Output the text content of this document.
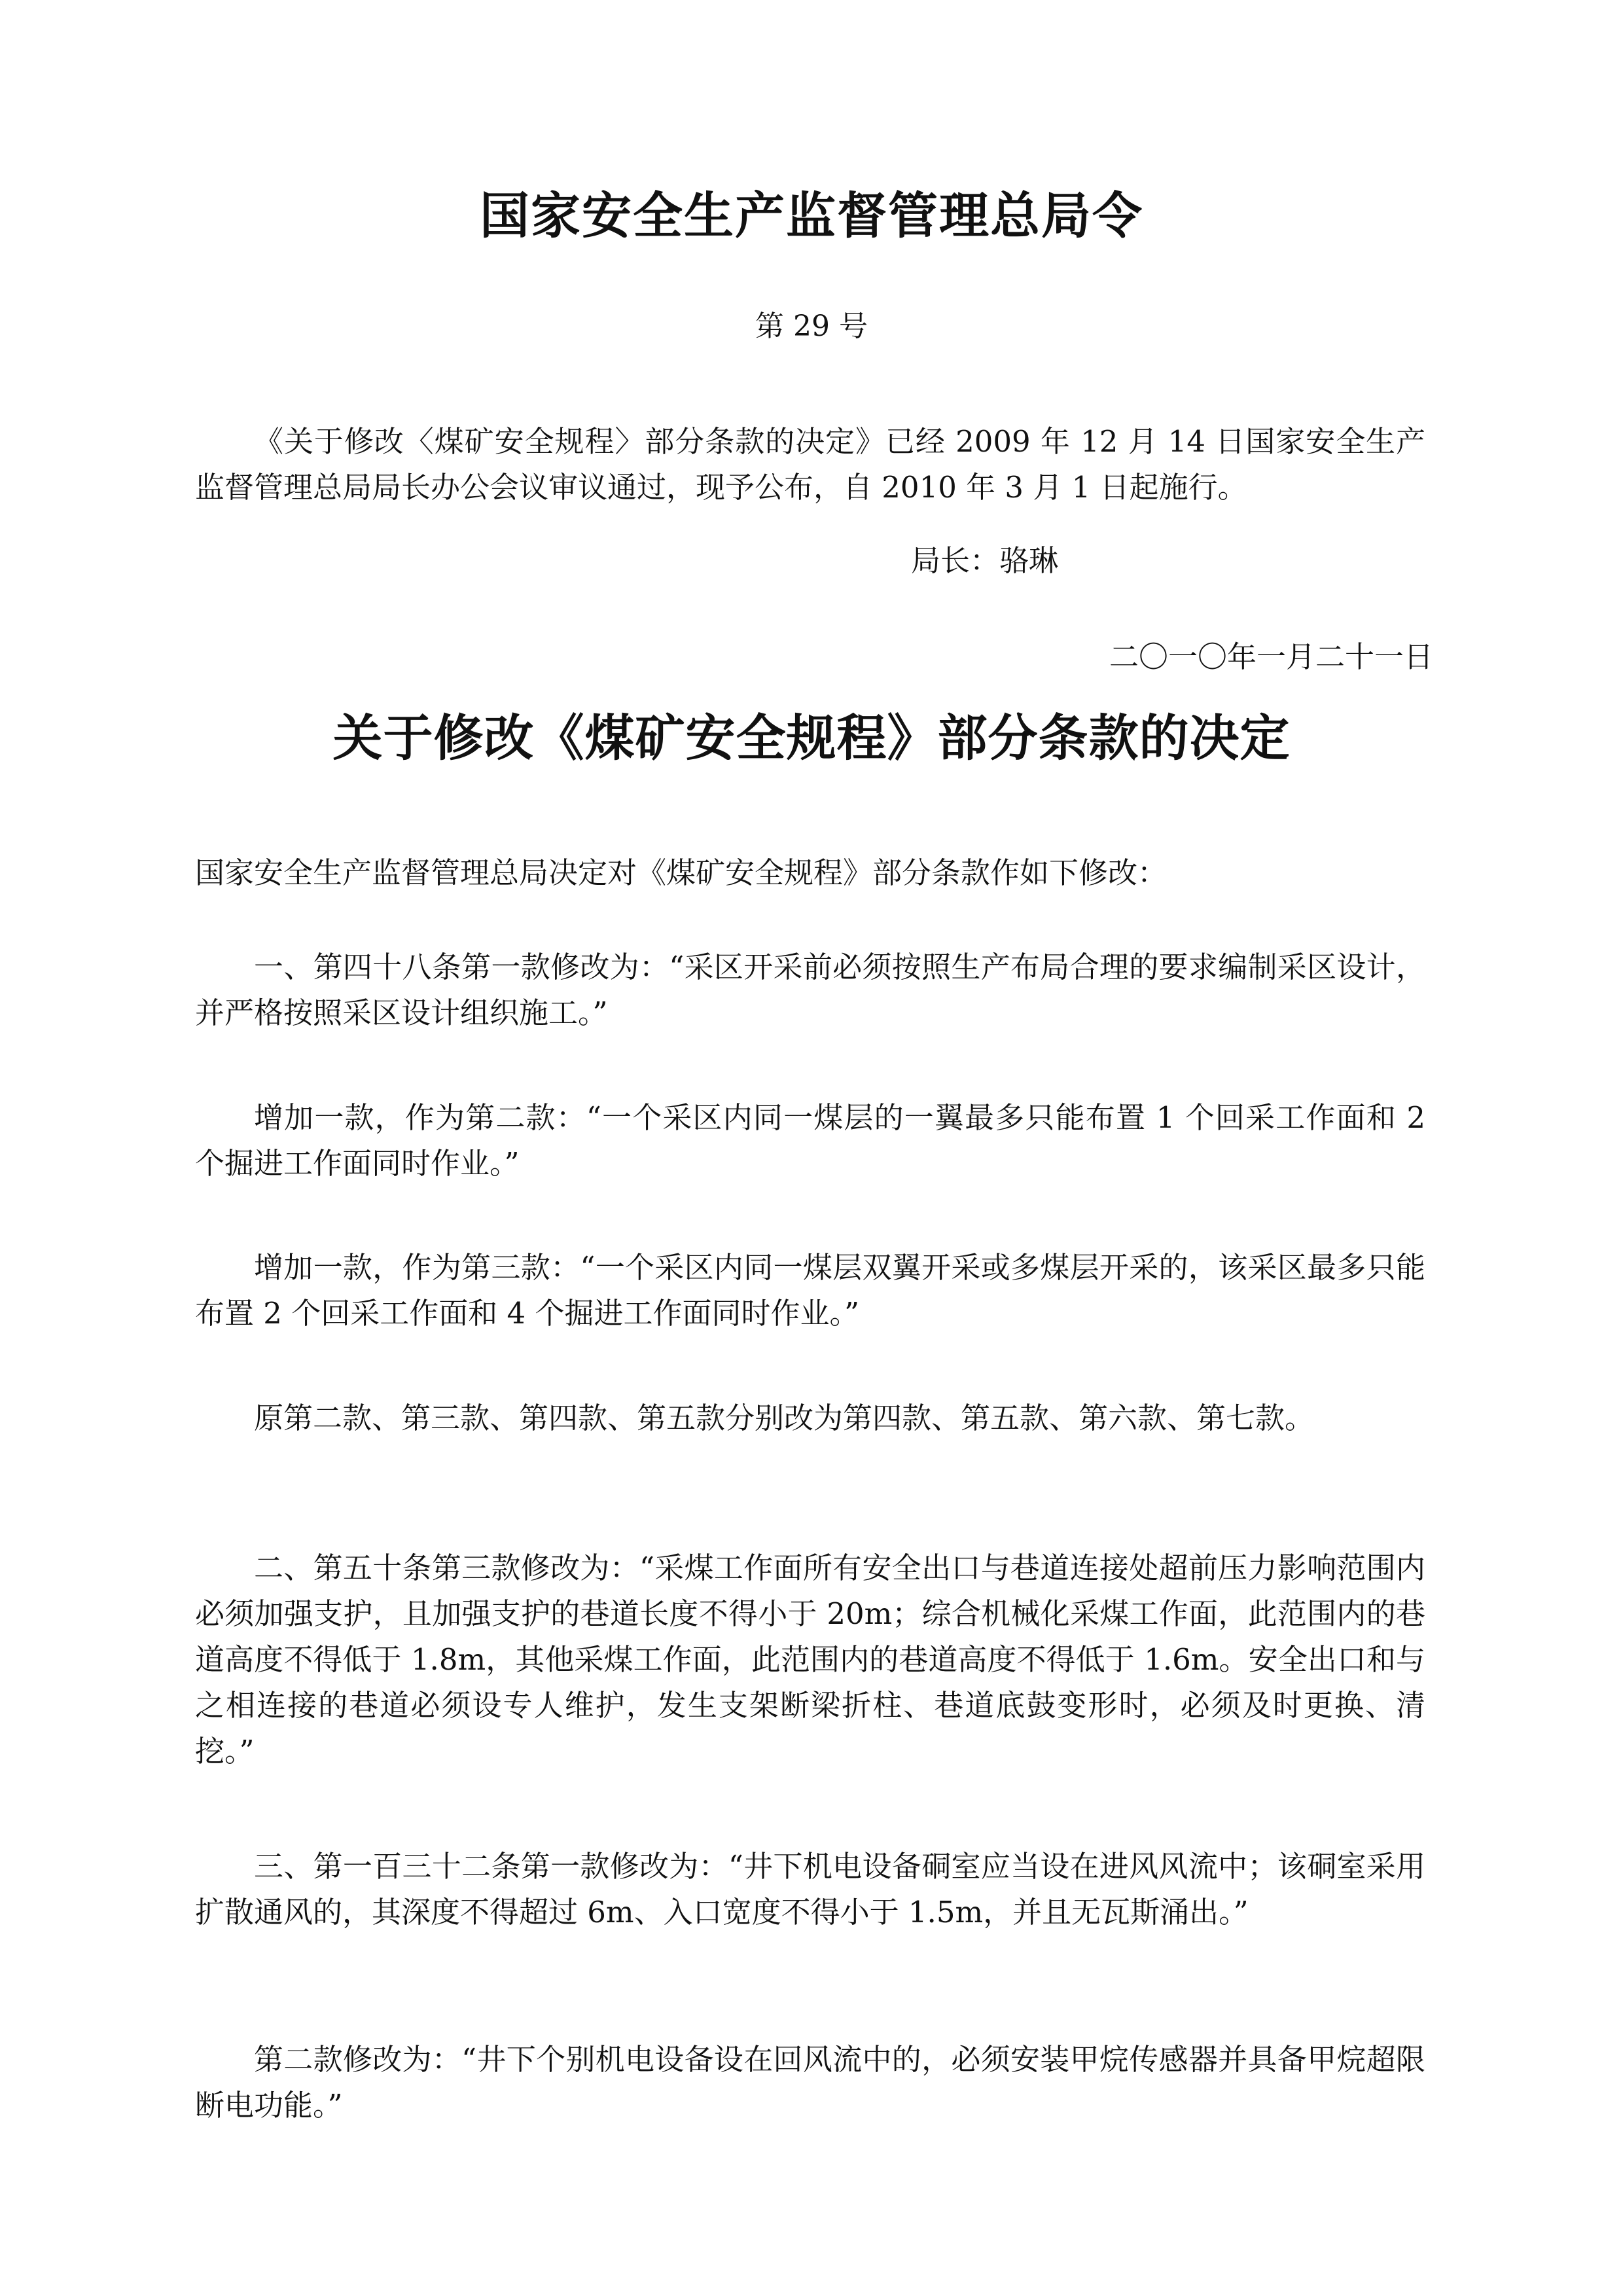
国家安全生产监督管理总局令
第 29 号

《关于修改〈煤矿安全规程〉部分条款的决定》已经 2009 年 12 月 14 日国家安全生产监督管理总局局长办公会议审议通过，现予公布，自 2010 年 3 月 1 日起施行。

局长：骆琳
二〇一〇年一月二十一日
关于修改《煤矿安全规程》部分条款的决定

国家安全生产监督管理总局决定对《煤矿安全规程》部分条款作如下修改：

一、第四十八条第一款修改为：“采区开采前必须按照生产布局合理的要求编制采区设计，并严格按照采区设计组织施工。”

增加一款，作为第二款：“一个采区内同一煤层的一翼最多只能布置 1 个回采工作面和 2 个掘进工作面同时作业。”

增加一款，作为第三款：“一个采区内同一煤层双翼开采或多煤层开采的，该采区最多只能布置 2 个回采工作面和 4 个掘进工作面同时作业。”

原第二款、第三款、第四款、第五款分别改为第四款、第五款、第六款、第七款。

二、第五十条第三款修改为：“采煤工作面所有安全出口与巷道连接处超前压力影响范围内必须加强支护，且加强支护的巷道长度不得小于 20m；综合机械化采煤工作面，此范围内的巷道高度不得低于 1.8m，其他采煤工作面，此范围内的巷道高度不得低于 1.6m。安全出口和与之相连接的巷道必须设专人维护，发生支架断梁折柱、巷道底鼓变形时，必须及时更换、清挖。”

三、第一百三十二条第一款修改为：“井下机电设备硐室应当设在进风风流中；该硐室采用扩散通风的，其深度不得超过 6m、入口宽度不得小于 1.5m，并且无瓦斯涌出。”

第二款修改为：“井下个别机电设备设在回风流中的，必须安装甲烷传感器并具备甲烷超限断电功能。”
